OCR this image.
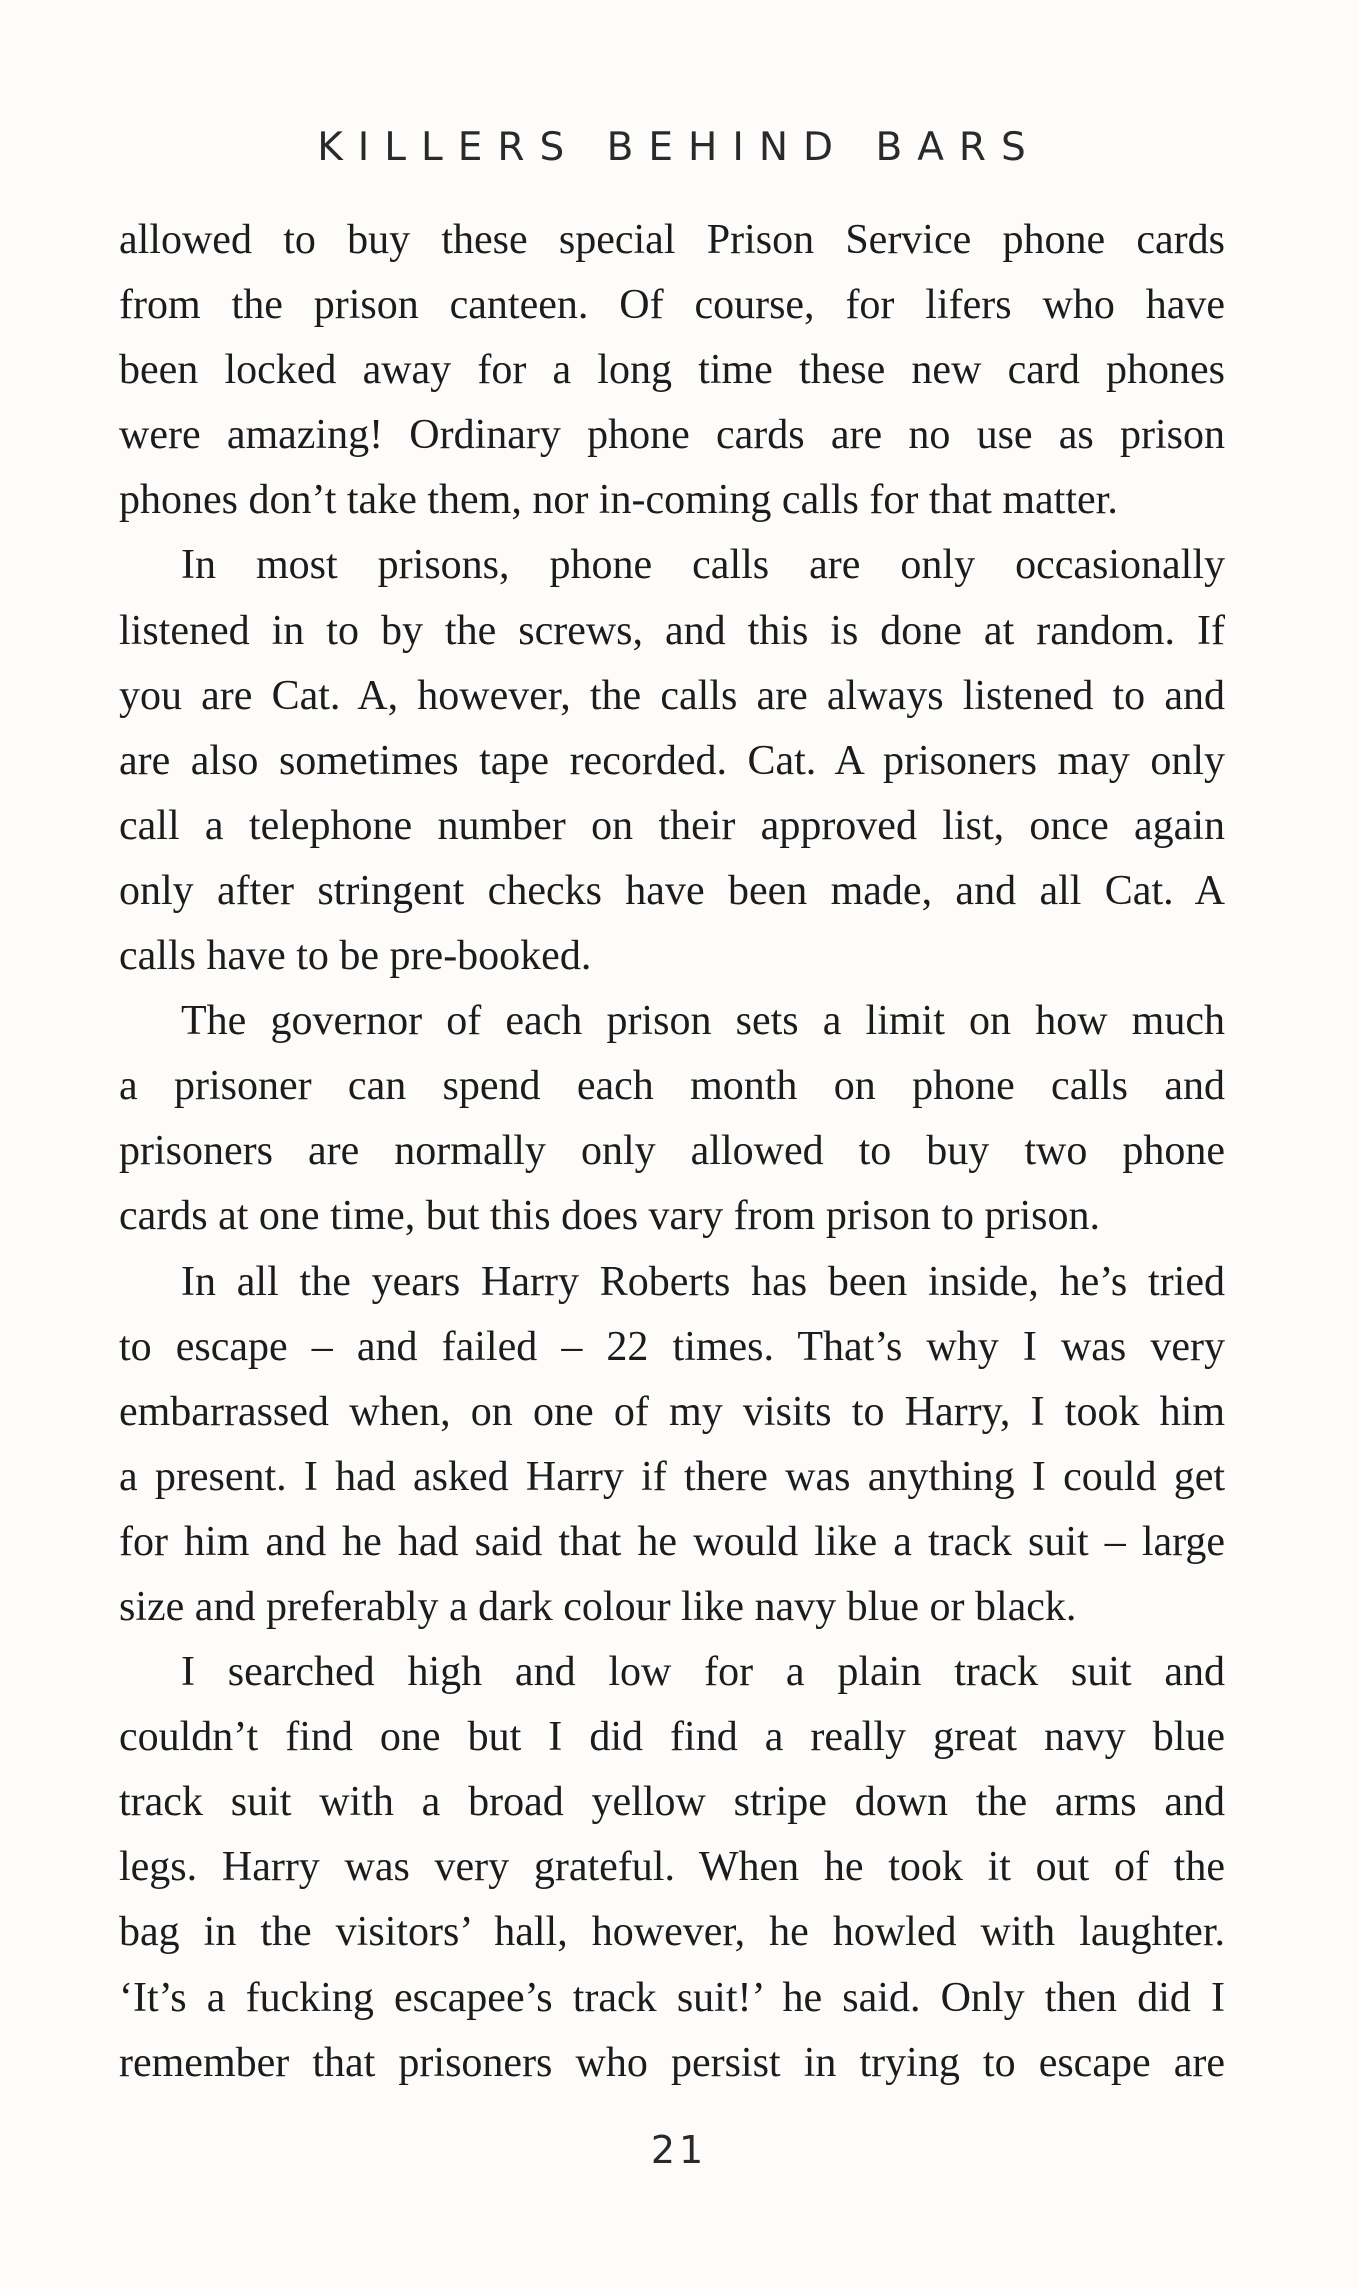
KILLERS BEHIND BARS
allowed to buy these special Prison Service phone cards
from the prison canteen. Of course, for lifers who have
been locked away for a long time these new card phones
were amazing! Ordinary phone cards are no use as prison
phones don’t take them, nor in-coming calls for that matter.
In most prisons, phone calls are only occasionally
listened in to by the screws, and this is done at random. If
you are Cat. A, however, the calls are always listened to and
are also sometimes tape recorded. Cat. A prisoners may only
call a telephone number on their approved list, once again
only after stringent checks have been made, and all Cat. A
calls have to be pre-booked.
The governor of each prison sets a limit on how much
a prisoner can spend each month on phone calls and
prisoners are normally only allowed to buy two phone
cards at one time, but this does vary from prison to prison.
In all the years Harry Roberts has been inside, he’s tried
to escape – and failed – 22 times. That’s why I was very
embarrassed when, on one of my visits to Harry, I took him
a present. I had asked Harry if there was anything I could get
for him and he had said that he would like a track suit – large
size and preferably a dark colour like navy blue or black.
I searched high and low for a plain track suit and
couldn’t find one but I did find a really great navy blue
track suit with a broad yellow stripe down the arms and
legs. Harry was very grateful. When he took it out of the
bag in the visitors’ hall, however, he howled with laughter.
‘It’s a fucking escapee’s track suit!’ he said. Only then did I
remember that prisoners who persist in trying to escape are
21
